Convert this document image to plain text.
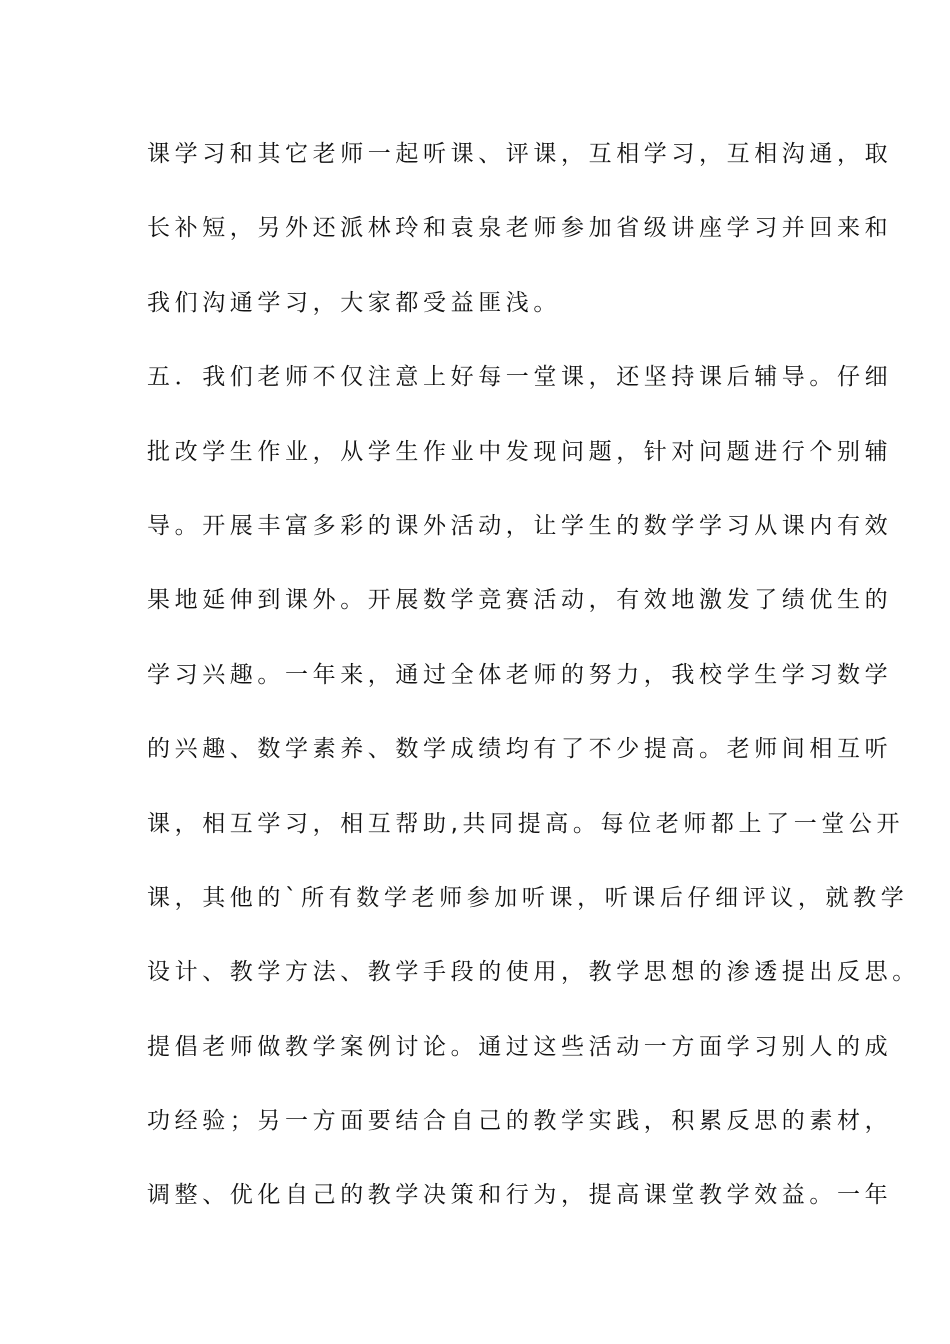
课学习和其它老师一起听课、评课，互相学习，互相沟通，取
长补短，另外还派林玲和袁泉老师参加省级讲座学习并回来和
我们沟通学习，大家都受益匪浅。
五．我们老师不仅注意上好每一堂课，还坚持课后辅导。仔细
批改学生作业，从学生作业中发现问题，针对问题进行个别辅
导。开展丰富多彩的课外活动，让学生的数学学习从课内有效
果地延伸到课外。开展数学竞赛活动，有效地激发了绩优生的
学习兴趣。一年来，通过全体老师的努力，我校学生学习数学
的兴趣、数学素养、数学成绩均有了不少提高。老师间相互听
课，相互学习，相互帮助,共同提高。每位老师都上了一堂公开
课，其他的`所有数学老师参加听课，听课后仔细评议，就教学
设计、教学方法、教学手段的使用，教学思想的渗透提出反思。
提倡老师做教学案例讨论。通过这些活动一方面学习别人的成
功经验；另一方面要结合自己的教学实践，积累反思的素材，
调整、优化自己的教学决策和行为，提高课堂教学效益。一年
